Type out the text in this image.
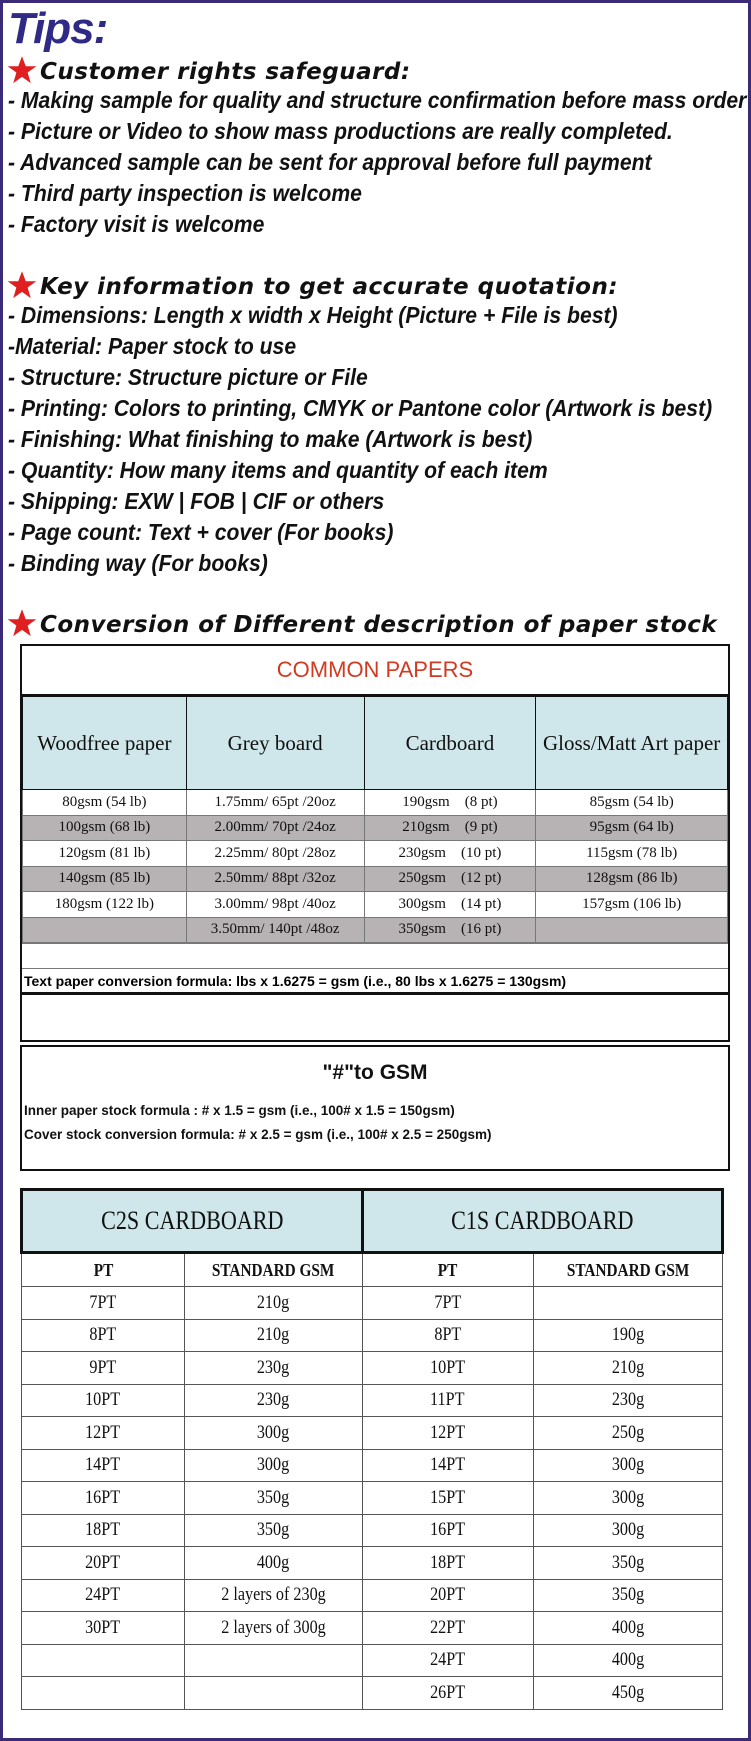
Tips:
Customer rights safeguard:
- Making sample for quality and structure confirmation before mass order
- Picture or Video to show mass productions are really completed.
- Advanced sample can be sent for approval before full payment
- Third party inspection is welcome
- Factory visit is welcome
Key information to get accurate quotation:
- Dimensions: Length x width x Height (Picture + File is best)
-Material: Paper stock to use
- Structure: Structure picture or File
- Printing: Colors to printing, CMYK or Pantone color (Artwork is best)
- Finishing: What finishing to make (Artwork is best)
- Quantity: How many items and quantity of each item
- Shipping: EXW | FOB | CIF or others
- Page count: Text + cover (For books)
- Binding way (For books)
Conversion of Different description of paper stock
COMMON PAPERS
Woodfree paper	Grey board	Cardboard	Gloss/Matt Art paper
80gsm (54 lb)	1.75mm/ 65pt /20oz	190gsm    (8 pt)	85gsm (54 lb)
100gsm (68 lb)	2.00mm/ 70pt /24oz	210gsm    (9 pt)	95gsm (64 lb)
120gsm (81 lb)	2.25mm/ 80pt /28oz	230gsm    (10 pt)	115gsm (78 lb)
140gsm (85 lb)	2.50mm/ 88pt /32oz	250gsm    (12 pt)	128gsm (86 lb)
180gsm (122 lb)	3.00mm/ 98pt /40oz	300gsm    (14 pt)	157gsm (106 lb)
	3.50mm/ 140pt /48oz	350gsm    (16 pt)	
Text paper conversion formula: lbs x 1.6275 = gsm (i.e., 80 lbs x 1.6275 = 130gsm)
"#"to GSM
Inner paper stock formula : # x 1.5 = gsm (i.e., 100# x 1.5 = 150gsm)
Cover stock conversion formula: # x 2.5 = gsm (i.e., 100# x 2.5 = 250gsm)
C2S CARDBOARD		C1S CARDBOARD	
PT	STANDARD GSM	PT	STANDARD GSM
7PT	210g	7PT	
8PT	210g	8PT	190g
9PT	230g	10PT	210g
10PT	230g	11PT	230g
12PT	300g	12PT	250g
14PT	300g	14PT	300g
16PT	350g	15PT	300g
18PT	350g	16PT	300g
20PT	400g	18PT	350g
24PT	2 layers of 230g	20PT	350g
30PT	2 layers of 300g	22PT	400g
		24PT	400g
		26PT	450g
